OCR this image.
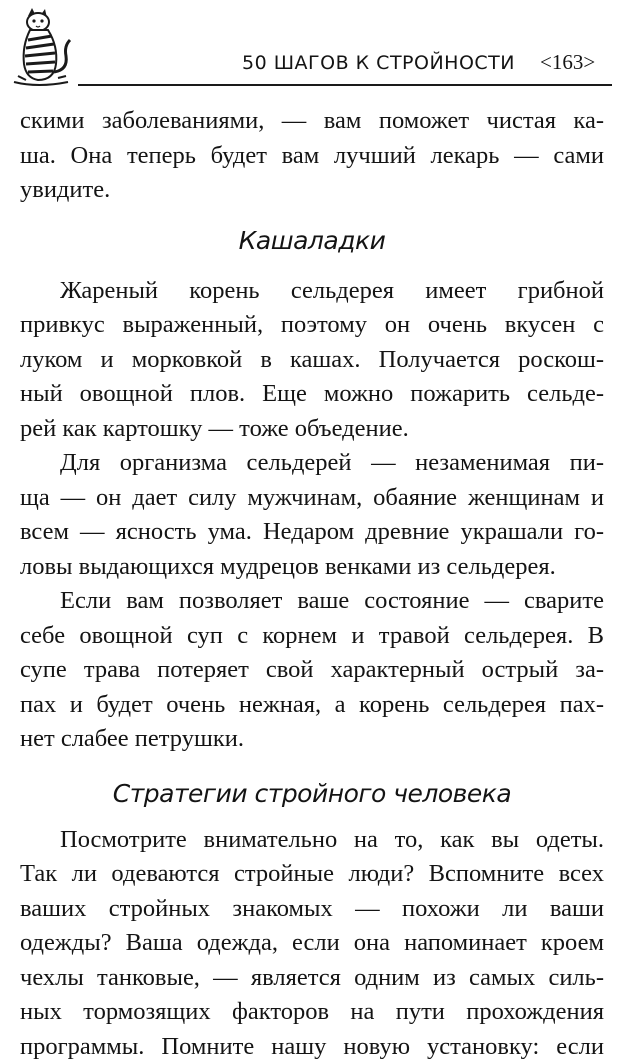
50 ШАГОВ К СТРОЙНОСТИ <163>
скими заболеваниями, — вам поможет чистая ка-
ша. Она теперь будет вам лучший лекарь — сами
увидите.
Кашаладки
Жареный корень сельдерея имеет грибной
привкус выраженный, поэтому он очень вкусен с
луком и морковкой в кашах. Получается роскош-
ный овощной плов. Еще можно пожарить сельде-
рей как картошку — тоже объедение.
Для организма сельдерей — незаменимая пи-
ща — он дает силу мужчинам, обаяние женщинам и
всем — ясность ума. Недаром древние украшали го-
ловы выдающихся мудрецов венками из сельдерея.
Если вам позволяет ваше состояние — сварите
себе овощной суп с корнем и травой сельдерея. В
супе трава потеряет свой характерный острый за-
пах и будет очень нежная, а корень сельдерея пах-
нет слабее петрушки.
Стратегии стройного человека
Посмотрите внимательно на то, как вы одеты.
Так ли одеваются стройные люди? Вспомните всех
ваших стройных знакомых — похожи ли ваши
одежды? Ваша одежда, если она напоминает кроем
чехлы танковые, — является одним из самых силь-
ных тормозящих факторов на пути прохождения
программы. Помните нашу новую установку: если
